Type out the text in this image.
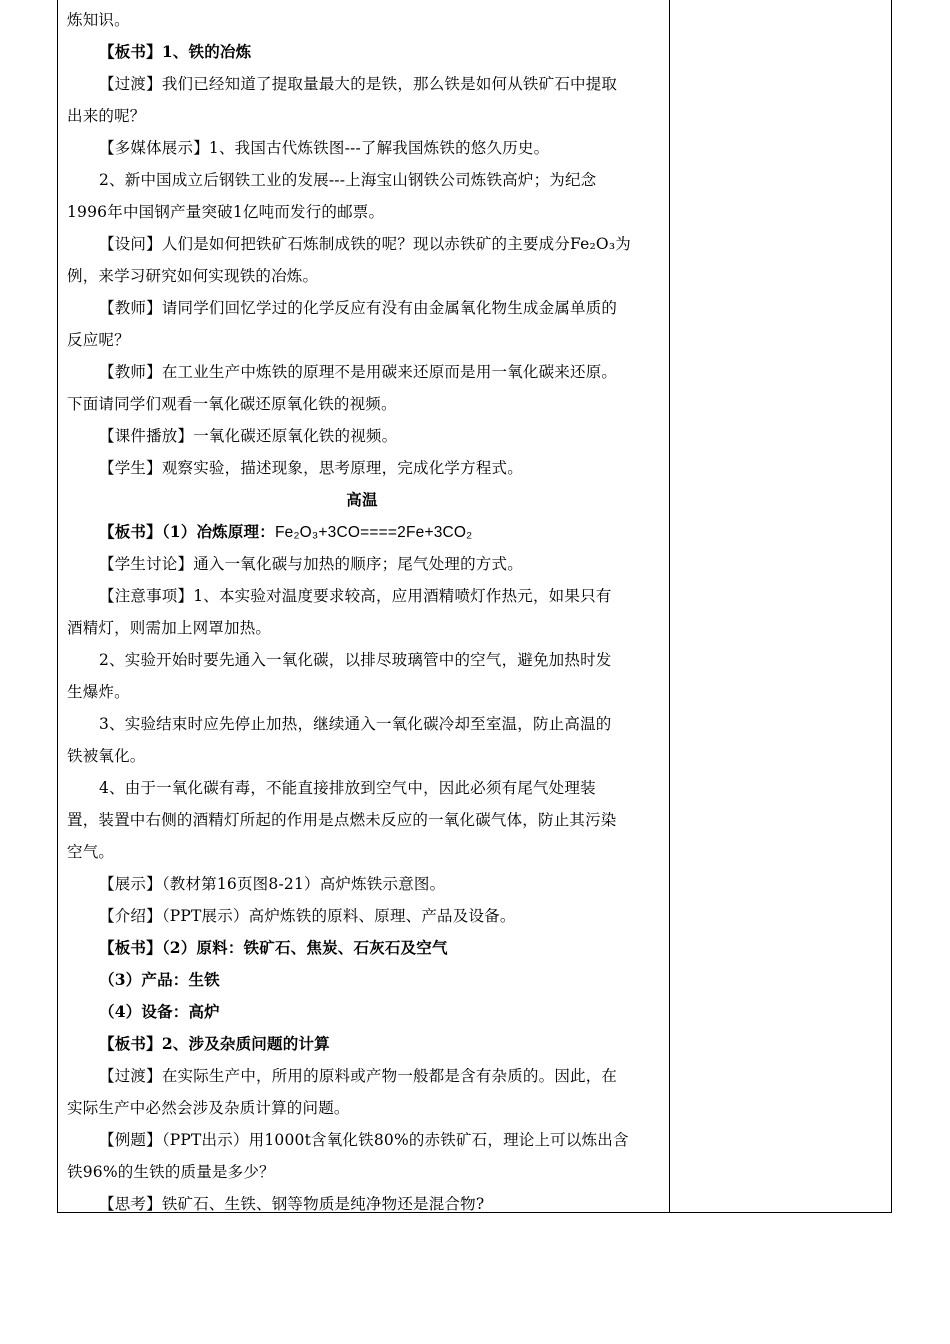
炼知识。
【板书】1、铁的冶炼
【过渡】我们已经知道了提取量最大的是铁，那么铁是如何从铁矿石中提取
出来的呢？
【多媒体展示】1、我国古代炼铁图---了解我国炼铁的悠久历史。
2、新中国成立后钢铁工业的发展---上海宝山钢铁公司炼铁高炉；为纪念
1996年中国钢产量突破1亿吨而发行的邮票。
【设问】人们是如何把铁矿石炼制成铁的呢？现以赤铁矿的主要成分Fe₂O₃为
例，来学习研究如何实现铁的冶炼。
【教师】请同学们回忆学过的化学反应有没有由金属氧化物生成金属单质的
反应呢？
【教师】在工业生产中炼铁的原理不是用碳来还原而是用一氧化碳来还原。
下面请同学们观看一氧化碳还原氧化铁的视频。
【课件播放】一氧化碳还原氧化铁的视频。
【学生】观察实验，描述现象，思考原理，完成化学方程式。
高温
【板书】（1）冶炼原理：Fe₂O₃+3CO====2Fe+3CO₂
【学生讨论】通入一氧化碳与加热的顺序；尾气处理的方式。
【注意事项】1、本实验对温度要求较高，应用酒精喷灯作热元，如果只有
酒精灯，则需加上网罩加热。
2、实验开始时要先通入一氧化碳，以排尽玻璃管中的空气，避免加热时发
生爆炸。
3、实验结束时应先停止加热，继续通入一氧化碳冷却至室温，防止高温的
铁被氧化。
4、由于一氧化碳有毒，不能直接排放到空气中，因此必须有尾气处理装
置，装置中右侧的酒精灯所起的作用是点燃未反应的一氧化碳气体，防止其污染
空气。
【展示】（教材第16页图8-21）高炉炼铁示意图。
【介绍】（PPT展示）高炉炼铁的原料、原理、产品及设备。
【板书】（2）原料：铁矿石、焦炭、石灰石及空气
（3）产品：生铁
（4）设备：高炉
【板书】2、涉及杂质问题的计算
【过渡】在实际生产中，所用的原料或产物一般都是含有杂质的。因此，在
实际生产中必然会涉及杂质计算的问题。
【例题】（PPT出示）用1000t含氧化铁80%的赤铁矿石，理论上可以炼出含
铁96%的生铁的质量是多少？
【思考】铁矿石、生铁、钢等物质是纯净物还是混合物?
